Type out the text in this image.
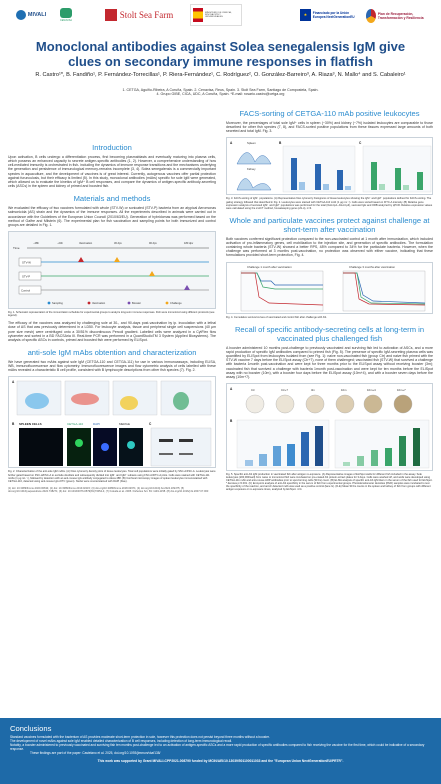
MIVALI
CENAVISA
Stolt Sea Farm	MINISTERIO DE CIENCIA, INNOVACIÓN Y UNIVERSIDADES	★	Financiado por la Unión Europea NextGenerationEU
Plan de Recuperación, Transformación y Resiliencia
Monoclonal antibodies against Solea senegalensis IgM give clues on secondary immune responses in flatfish
R. Castro¹*, B. Fandiño¹, P. Fernández-Torrecillas¹, P. Riera-Fernández¹, C. Rodríguez², O. González-Barreiro³, A. Riaza³, N. Mallo⁴ and S. Cabaleiro¹
1. CETGA, Aguiño-Ribeira, A Coruña, Spain. 2. Cenavisa, Reus, Spain. 3. Stolt Sea Farm, Santiago de Compostela, Spain.
4. Grupo GIBE, CICA, UDC, A Coruña, Spain. *E-mail: rosario.castro@cetga.org
Introduction
Upon activation, B cells undergo a differentiation process, first becoming plasmablasts and eventually maturing into plasma cells, which possess an enhanced capacity to secrete antigen-specific antibodies (1, 2). However, a comprehensive understanding of how cell-mediated immunity is orchestrated in fish- including the dynamics of immune response transitions and the mechanisms underlying the generation and persistence of immunological memory-remains incomplete (3, 4). Solea senegalensis is a commercially important species in aquaculture, and the development of vaccines is of great interest. Currently, autogenous vaccines offer partial protection against furunculosis, but their efficacy is limited (5). In this study, monoclonal antibodies (mAbs) specific for sole IgM were generated, which allowed us to evaluate the kinetics of IgM⁺ B cell responses, and compare the dynamics of antigen-specific antibody-secreting cells (ASCs) in the spleen and kidney of primed and boosted fish.
Materials and methods
We evaluated the efficacy of two vaccines formulated with whole (STV-W) or sonicated (STV-P) bacteria from an atypical Aeromonas salmonicida (AS) strain and the dynamics of the immune responses. All the experiments described in animals were carried out in accordance with the Guidelines of the European Union Council (2010/63/EU). Generation of hybridomas was performed based on the method of Galfre and Milstein (6). The experimental plan for fish vaccination and sampling points for both immunized and control groups are detailed in Fig. 1.
Time
−48h	−24h	Vaccination	30 dpv	90 dpv	180 dpv
STV-W
STV-P
Control
Sampling	Vaccination	Booster	Challenge
Fig. 1. Schematic representation of the immunization schedule for experimental groups to analyze long-term immune responses. Fish were immunized using different protocols (see legend).
The efficacy of the vaccines was analyzed by challenging sole at 30-, and 90-days post-vaccination by ip. inoculation with a lethal dose of AS that was previously determined in a LD50. For leukocyte analysis, tissue and peripheral single cell suspensions (40 µm pore size mesh) were centrifuged onto a 30/51% discontinuous Percoll gradient. Labelled cells were analyzed in a CytFlex flow cytometer and sorted in a BD FACSAria III. Real-time PCR was performed in a QuantStudioTM 3 System (Applied Biosystems). The analysis of specific ASCs in controls, primed and boosted fish were performed by ELISpot.
anti-sole IgM mAbs obtention and characterization
We have generated two mAbs against sole IgM (CETGA-110 and CETGA-111) for use in various immunoassays, including ELISA, WB, immunofluorescence and flow cytometry. Immunofluorescence images and flow cytometric analysis of cells labelled with these mAbs revealed a characteristic B cell profile, consistent with B lymphocyte descriptions from other fish species (7). Fig. 2.
A
B SPLEEN CELLS	CETGA-110	DAPI	MERGE	C
Fig. 2. Characterization of the anti-sole IgM mAbs. (A) Flow cytometry density plots of tissue leukocytes. Total cell populations were initially gated by SSC-A/FSC-A. Leukocytes were further gated based on FSC-H/FSC-A to exclude doublets and subsequently divided into IgM⁺ and IgM⁻ subsets using FSC-A/FITC-A plots. Cells were stained with CETGA-111 mAbs (1 µg mL⁻¹), followed by detection with an anti-mouse IgG antibody conjugated to Alexa 488. (B) Confocal microscopy images of spleen leukocytes immunostained with CETGA-110, detected using anti-mouse IgG-FITC (green). Nuclei were counterstained with DAPI (blue).
(1) doi: 10.3389/fimmu.2020.00634; (2) doi: 10.3389/fimmu.2019.02115; (3) doi.org/10.3389/fimmu.2018.02971; (4) doi.org/10.1016/j.fsi.2024.109475; (5) doi.org/10.1016/j.aquaculture.2022.738271; (6) doi: 10.1016/0076-6879(81)73054-4; (7) Fukuda et al. 2005. Fisheries Sci. 69: 1149-1158. (8) doi.org/10.1016/j.fsi.2007.07.003
FACS-sorting of CETGA-110 mAb positive leukocytes
Moreover, the percentages of total sole IgM⁺ cells in spleen (~30%) and kidney (~7%) isolated leukocytes are comparable to those described for other fish species (7, 8), and FACS-sorted positive populations from these tissues expressed large amounts of both secreted and total IgM. Fig. 3.
A	Spleen
Kidney
B	C
Fig. 3. FACS-sorting of IgM⁺ populations. (A) Representative flow cytometry histograms of tissue leukocytes showing the IgM⁺ and IgM⁻ populations defined for FACS-sorting. The gating strategy followed that described in Fig. 2. Leukocytes were stained with CETGA-110 mAb (1 µg mL⁻¹). Cells were sorted based on FITC-A intensity. (B) Relative gene expression analysis of secreted IgM⁺ and IgM⁻ populations was performed for the total (IGH-Cµ1–IGH-Cµ3), secreted IgH and ORB analyzed by qPCR. Relative expression values were calculated using the 2-ΔCT method, housekeeping gene (ef1-α), n=3.
Whole and particulate vaccines protect against challenge at short-term after vaccination
Both vaccines conferred significant protection compared to the non-vaccinated control at 1 month after immunization, which included activation of pro-inflammatory genes, cell mobilization to the injection site, and generation of specific antibodies. The formulation containing whole bacteria (STV-W) showed a better RPS, 48% compared to 34% for the particulate bacteria. However, when the challenge was performed at 3 months post-vaccination, no protection was observed with either vaccine, indicating that these formulations provided short-term protection, Fig. 4.
Challenge 1 month after vaccination	Challenge 3 months after vaccination
Fig. 4. Cumulative survival curves of vaccinated and control fish after challenge with AS.
Recall of specific antibody-secreting cells at long-term in vaccinated plus challenged fish
A booster administered 10 months post-challenge to previously vaccinated and surviving fish led to activation of ASCs, and a more rapid production of specific IgM antibodies compared to primed fish (Fig. 5). The presence of specific IgM-secreting plasma cells was quantified by ELISpot from leukocytes isolated from (see Fig. 1): naive non-vaccinated fish (group Ctr) and naive fish primed with the STV-W vaccine 7 days before the ELISpot assay (Ctr+7), none of them challenged; vaccinated fish (STV-W) that survived a challenge with bacteria 1month post-vaccination and were kept for three months prior to the ELISpot assay without receiving booster (3m); vaccinated fish that survived a challenge with bacteria 1month post-vaccination and were kept for ten months before the ELISpot assay with no booster (10m), with a booster four days before the ELISpot assay (10m+4), and with a booster seven days before the assay (10m+7).
A	Ctr	Ctr+7	3m	10m	10m+4	10m+7
B
Fig. 5. Specific anti-AS IgM production in vaccinated fish after antigen re-exposure. (A) Representative images of ELISpot wells for different fish included in the assay. Sole leukocytes (200,000/well) from naive or immunized fish were incubated on pre-coated AS protein extract plates for 3 days. Cells were washed off, and wells were developed using CETGA-111 mAb and anti-mouse HRP antibodies prior to spot-forming cells (SFCs) count. (B) ELISA analysis of specific anti-AS IgM titers in the serum of the fish used for ELISpot. * denotes p<0.001. (C) End-point analysis of anti-AS specificity in the serum of fish from experimental groups. Photodensitometer densities (PHD) samples were incubated to test the specificity of the reaction, and anti-F detected mAb was used as a positive control (lane G). (D-E) Mean SFCs counts in the spleen and kidney of fish from groups with different antigen exposure or re-exposure times, analyzed by ELISpot. n=4.
Conclusions
Standard vaccines formulated with the bacterium of AS provides moderate short-term protection in sole, however this protection does not persist beyond three months without a booster.
The development of novel mAbs against sole IgM enabled detailed characterization of B cell responses, including detection of long-term immunological recall.
Notably, a booster administered to previously vaccinated and surviving fish ten months post-challenge led to an activation of antigen-specific ASCs and a more rapid production of specific antibodies compared to fish receiving the vaccine for the first time, which could be indicative of a secondary response.
These findings are part of the paper: Castelano et al. 2025, doi.org/10.1093/jimmun/vkaf138/
This work was supported by Grant MIVALI-CPP2021-008790 funded by MCIN/AEI/10.13039/501100011033 and the "European Union NextGenerationEU/PRTR".
